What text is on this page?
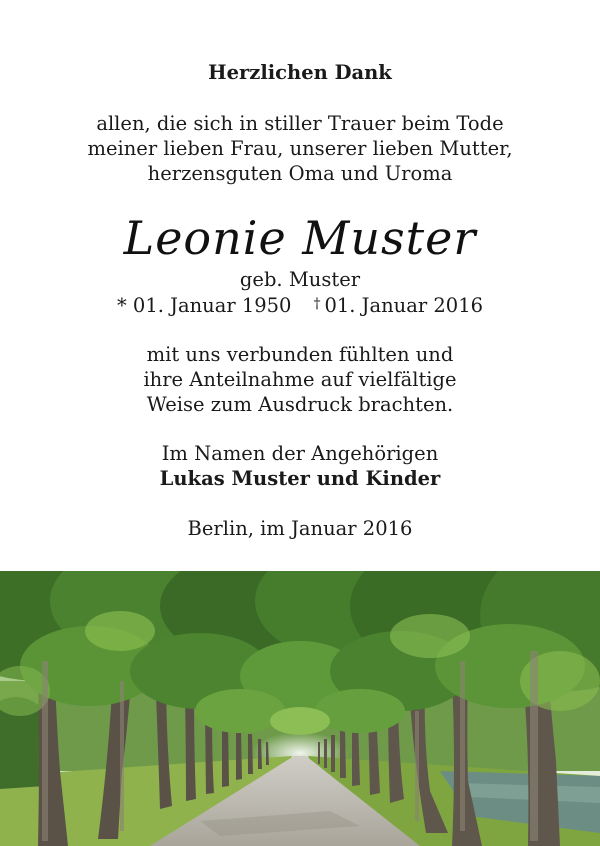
Herzlichen Dank
allen, die sich in stiller Trauer beim Tode
meiner lieben Frau, unserer lieben Mutter,
herzensguten Oma und Uroma
Leonie Muster
geb. Muster
* 01. Januar 1950 † 01. Januar 2016
mit uns verbunden fühlten und
ihre Anteilnahme auf vielfältige
Weise zum Ausdruck brachten.
Im Namen der Angehörigen
Lukas Muster und Kinder
Berlin, im Januar 2016
